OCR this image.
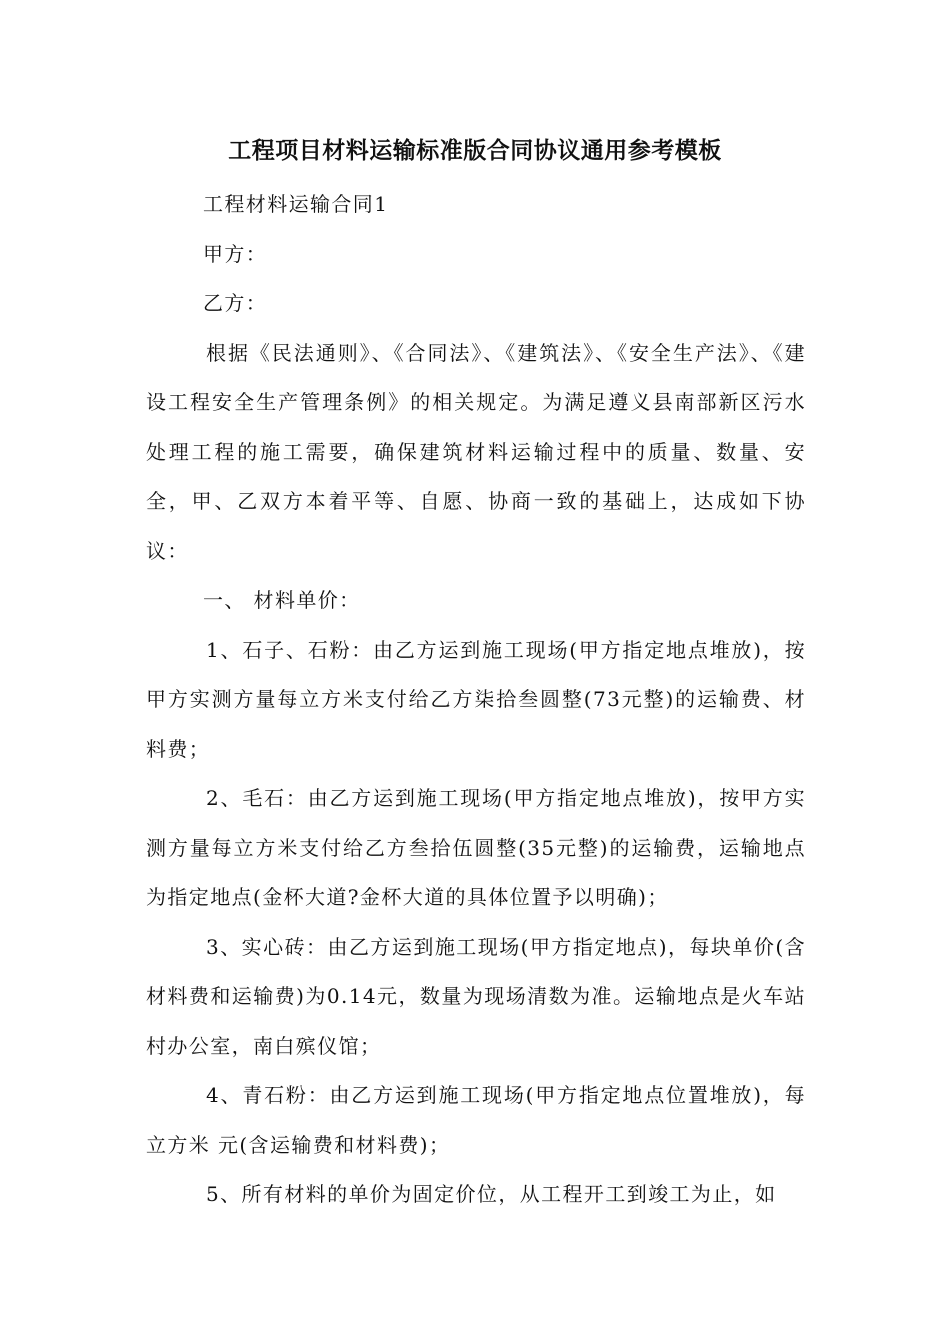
工程项目材料运输标准版合同协议通用参考模板

工程材料运输合同1

甲方：

乙方：

根据《民法通则》、《合同法》、《建筑法》、《安全生产法》、《建设工程安全生产管理条例》的相关规定。为满足遵义县南部新区污水处理工程的施工需要，确保建筑材料运输过程中的质量、数量、安全，甲、乙双方本着平等、自愿、协商一致的基础上，达成如下协议：

一、 材料单价：

1、石子、石粉：由乙方运到施工现场(甲方指定地点堆放)，按甲方实测方量每立方米支付给乙方柒拾叁圆整(73元整)的运输费、材料费；

2、毛石：由乙方运到施工现场(甲方指定地点堆放)，按甲方实测方量每立方米支付给乙方叁拾伍圆整(35元整)的运输费，运输地点为指定地点(金杯大道?金杯大道的具体位置予以明确)；

3、实心砖：由乙方运到施工现场(甲方指定地点)，每块单价(含材料费和运输费)为0.14元，数量为现场清数为准。运输地点是火车站村办公室，南白殡仪馆；

4、青石粉：由乙方运到施工现场(甲方指定地点位置堆放)，每立方米 元(含运输费和材料费)；

5、所有材料的单价为固定价位，从工程开工到竣工为止，如
